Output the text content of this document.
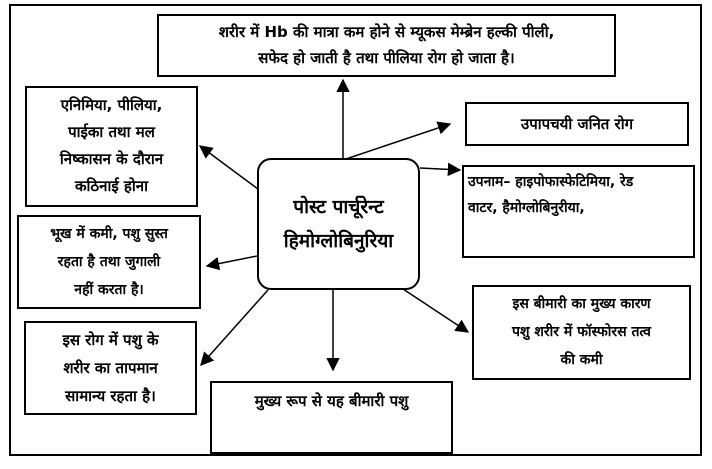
शरीर में Hb की मात्रा कम होने से म्यूकस मेम्ब्रेन हल्की पीली,
सफेद हो जाती है तथा पीलिया रोग हो जाता है।
एनिमिया, पीलिया,
पाईका तथा मल
निष्कासन के दौरान
कठिनाई होना
उपापचयी जनित रोग
पोस्ट पार्चूरेन्ट
हिमोग्लोबिनुरिया
उपनाम– हाइपोफास्फेटिमिया, रेड
वाटर, हैमोग्लोबिनुरीया,
भूख में कमी, पशु सुस्त
रहता है तथा जुगाली
नहीं करता है।
इस बीमारी का मुख्य कारण
पशु शरीर में फॉस्फोरस तत्व
की कमी
इस रोग में पशु के
शरीर का तापमान
सामान्य रहता है।	मुख्य रूप से यह बीमारी पशु
